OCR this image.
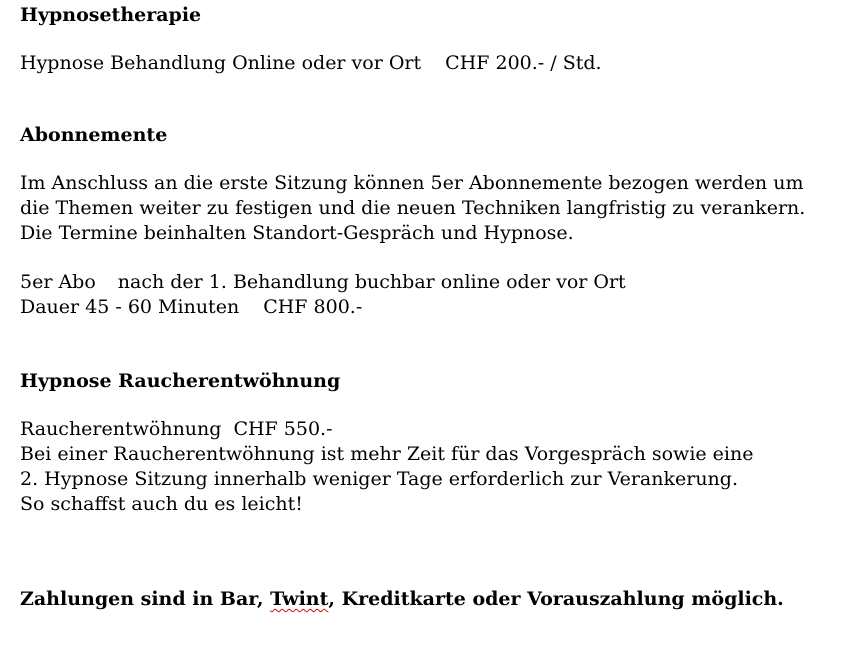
Hypnosetherapie

Hypnose Behandlung Online oder vor Ort CHF 200.- / Std.

Abonnemente

Im Anschluss an die erste Sitzung können 5er Abonnemente bezogen werden um
die Themen weiter zu festigen und die neuen Techniken langfristig zu verankern.
Die Termine beinhalten Standort-Gespräch und Hypnose.

5er Abo nach der 1. Behandlung buchbar online oder vor Ort
Dauer 45 - 60 Minuten CHF 800.-

Hypnose Raucherentwöhnung

Raucherentwöhnung CHF 550.-
Bei einer Raucherentwöhnung ist mehr Zeit für das Vorgespräch sowie eine
2. Hypnose Sitzung innerhalb weniger Tage erforderlich zur Verankerung.
So schaffst auch du es leicht!

Zahlungen sind in Bar, Twint, Kreditkarte oder Vorauszahlung möglich.
